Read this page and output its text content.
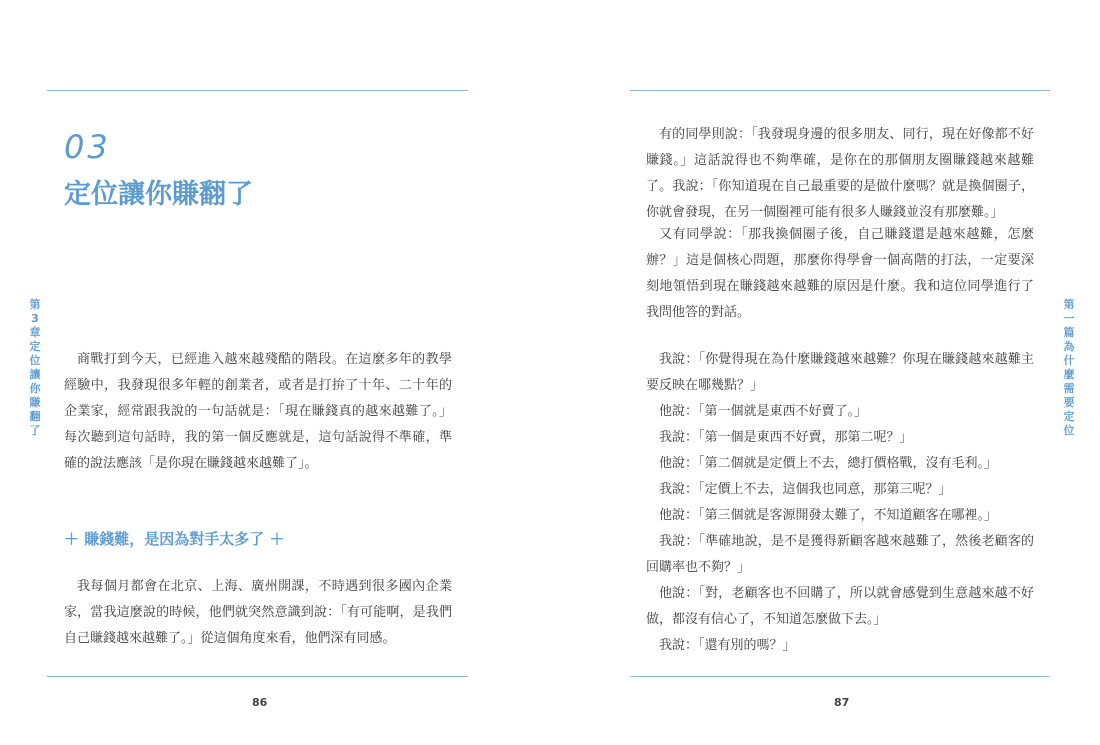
第3章 定位讓你賺翻了
03
定位讓你賺翻了

商戰打到今天，已經進入越來越殘酷的階段。在這麼多年的教學經驗中，我發現很多年輕的創業者，或者是打拚了十年、二十年的企業家，經常跟我說的一句話就是：「現在賺錢真的越來越難了。」每次聽到這句話時，我的第一個反應就是，這句話說得不準確，準確的說法應該「是你現在賺錢越來越難了」。

＋ 賺錢難，是因為對手太多了 ＋

我每個月都會在北京、上海、廣州開課，不時遇到很多國內企業家，當我這麼說的時候，他們就突然意識到說：「有可能啊，是我們自己賺錢越來越難了。」從這個角度來看，他們深有同感。

86
第一篇 為什麼需要定位

有的同學則說：「我發現身邊的很多朋友、同行，現在好像都不好賺錢。」這話說得也不夠準確，是你在的那個朋友圈賺錢越來越難了。我說：「你知道現在自己最重要的是做什麼嗎？就是換個圈子，你就會發現，在另一個圈裡可能有很多人賺錢並沒有那麼難。」

又有同學說：「那我換個圈子後，自己賺錢還是越來越難，怎麼辦？」這是個核心問題，那麼你得學會一個高階的打法，一定要深刻地領悟到現在賺錢越來越難的原因是什麼。我和這位同學進行了我問他答的對話。

我說：「你覺得現在為什麼賺錢越來越難？你現在賺錢越來越難主要反映在哪幾點？」

他說：「第一個就是東西不好賣了。」

我說：「第一個是東西不好賣，那第二呢？」

他說：「第二個就是定價上不去，總打價格戰，沒有毛利。」

我說：「定價上不去，這個我也同意，那第三呢？」

他說：「第三個就是客源開發太難了，不知道顧客在哪裡。」

我說：「準確地說，是不是獲得新顧客越來越難了，然後老顧客的回購率也不夠？」

他說：「對，老顧客也不回購了，所以就會感覺到生意越來越不好做，都沒有信心了，不知道怎麼做下去。」

我說：「還有別的嗎？」

87
